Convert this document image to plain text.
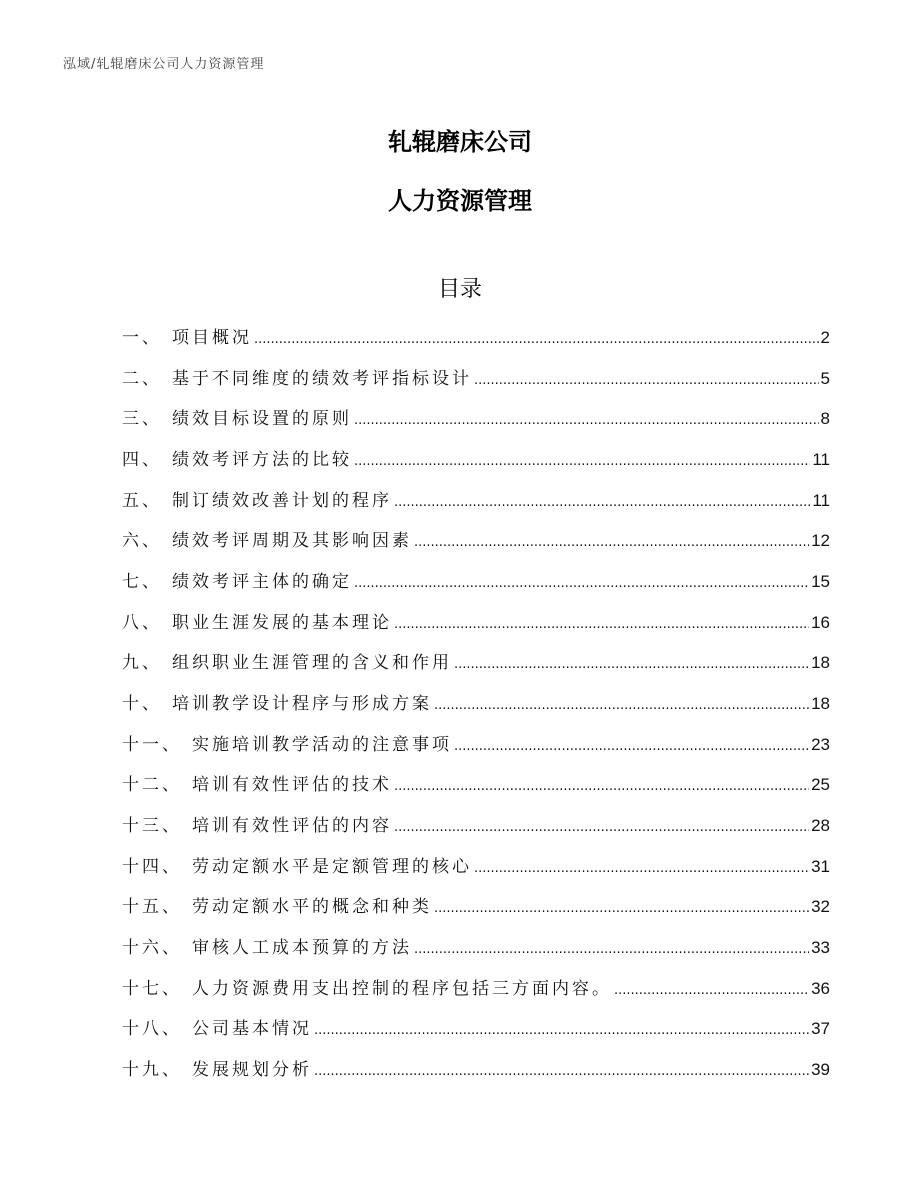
泓域/轧辊磨床公司人力资源管理
轧辊磨床公司
人力资源管理
目录
一、 项目概况 .....	2
二、 基于不同维度的绩效考评指标设计 .....	5
三、 绩效目标设置的原则 .....	8
四、 绩效考评方法的比较 .....	11
五、 制订绩效改善计划的程序 .....	11
六、 绩效考评周期及其影响因素 .....	12
七、 绩效考评主体的确定 .....	15
八、 职业生涯发展的基本理论 .....	16
九、 组织职业生涯管理的含义和作用 .....	18
十、 培训教学设计程序与形成方案 .....	18
十一、 实施培训教学活动的注意事项 .....	23
十二、 培训有效性评估的技术 .....	25
十三、 培训有效性评估的内容 .....	28
十四、 劳动定额水平是定额管理的核心 .....	31
十五、 劳动定额水平的概念和种类 .....	32
十六、 审核人工成本预算的方法 .....	33
十七、 人力资源费用支出控制的程序包括三方面内容。 .....	36
十八、 公司基本情况 .....	37
十九、 发展规划分析 .....	39
